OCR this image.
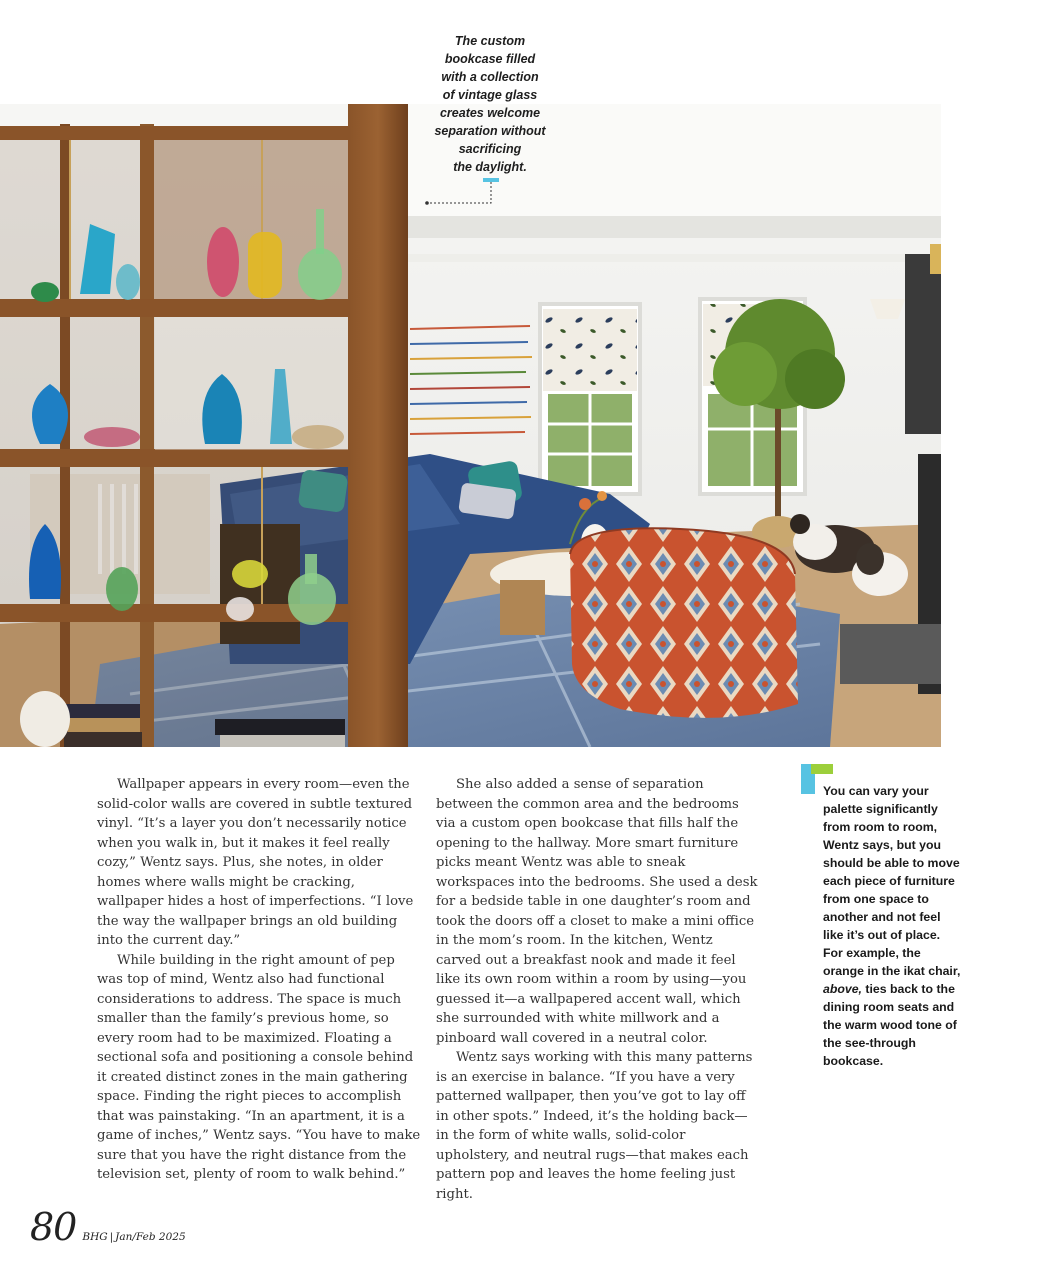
The custom
bookcase filled
with a collection
of vintage glass
creates welcome
separation without
sacrificing
the daylight.

Wallpaper appears in every room—even the solid-color walls are covered in subtle textured vinyl. “It’s a layer you don’t necessarily notice when you walk in, but it makes it feel really cozy,” Wentz says. Plus, she notes, in older homes where walls might be cracking, wallpaper hides a host of imperfections. “I love the way the wallpaper brings an old building into the current day.”

While building in the right amount of pep was top of mind, Wentz also had functional considerations to address. The space is much smaller than the family’s previous home, so every room had to be maximized. Floating a sectional sofa and positioning a console behind it created distinct zones in the main gathering space. Finding the right pieces to accomplish that was painstaking. “In an apartment, it is a game of inches,” Wentz says. “You have to make sure that you have the right distance from the television set, plenty of room to walk behind.”

She also added a sense of separation between the common area and the bedrooms via a custom open bookcase that fills half the opening to the hallway. More smart furniture picks meant Wentz was able to sneak workspaces into the bedrooms. She used a desk for a bedside table in one daughter’s room and took the doors off a closet to make a mini office in the mom’s room. In the kitchen, Wentz carved out a breakfast nook and made it feel like its own room within a room by using—you guessed it—a wallpapered accent wall, which she surrounded with white millwork and a pinboard wall covered in a neutral color.

Wentz says working with this many patterns is an exercise in balance. “If you have a very patterned wallpaper, then you’ve got to lay off in other spots.” Indeed, it’s the holding back—in the form of white walls, solid-color upholstery, and neutral rugs—that makes each pattern pop and leaves the home feeling just right.

You can vary your palette significantly from room to room, Wentz says, but you should be able to move each piece of furniture from one space to another and not feel like it’s out of place. For example, the orange in the ikat chair, above, ties back to the dining room seats and the warm wood tone of the see-through bookcase.
80 BHG | Jan/Feb 2025
